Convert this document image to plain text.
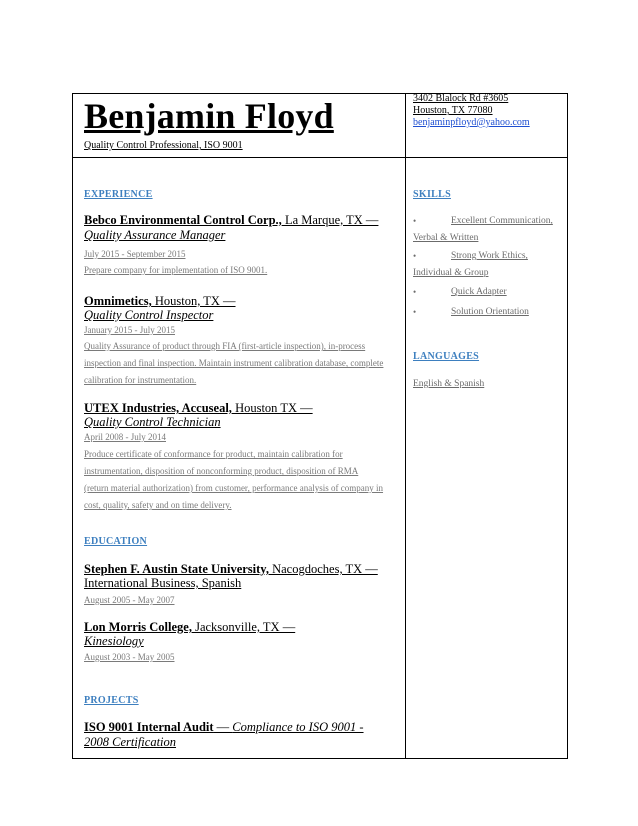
Benjamin Floyd
Quality Control Professional, ISO 9001
3402 Blalock Rd #3605
Houston, TX 77080
benjaminpfloyd@yahoo.com
EXPERIENCE
Bebco Environmental Control Corp., La Marque, TX —
Quality Assurance Manager
July 2015 - September 2015
Prepare company for implementation of ISO 9001.
Omnimetics, Houston, TX —
Quality Control Inspector
January 2015 - July 2015
Quality Assurance of product through FIA (first-article inspection), in-process inspection and final inspection. Maintain instrument calibration database, complete calibration for instrumentation.
UTEX Industries, Accuseal, Houston TX —
Quality Control Technician
April 2008 - July 2014
Produce certificate of conformance for product, maintain calibration for instrumentation, disposition of nonconforming product, disposition of RMA (return material authorization) from customer, performance analysis of company in cost, quality, safety and on time delivery.
EDUCATION
Stephen F. Austin State University, Nacogdoches, TX —
International Business, Spanish
August 2005 - May 2007
Lon Morris College, Jacksonville, TX —
Kinesiology
August 2003 - May 2005
PROJECTS
ISO 9001 Internal Audit — Compliance to ISO 9001 - 2008 Certification
SKILLS
•	Excellent Communication, Verbal & Written
•	Strong Work Ethics, Individual & Group
•	Quick Adapter
•	Solution Orientation
LANGUAGES
English & Spanish
